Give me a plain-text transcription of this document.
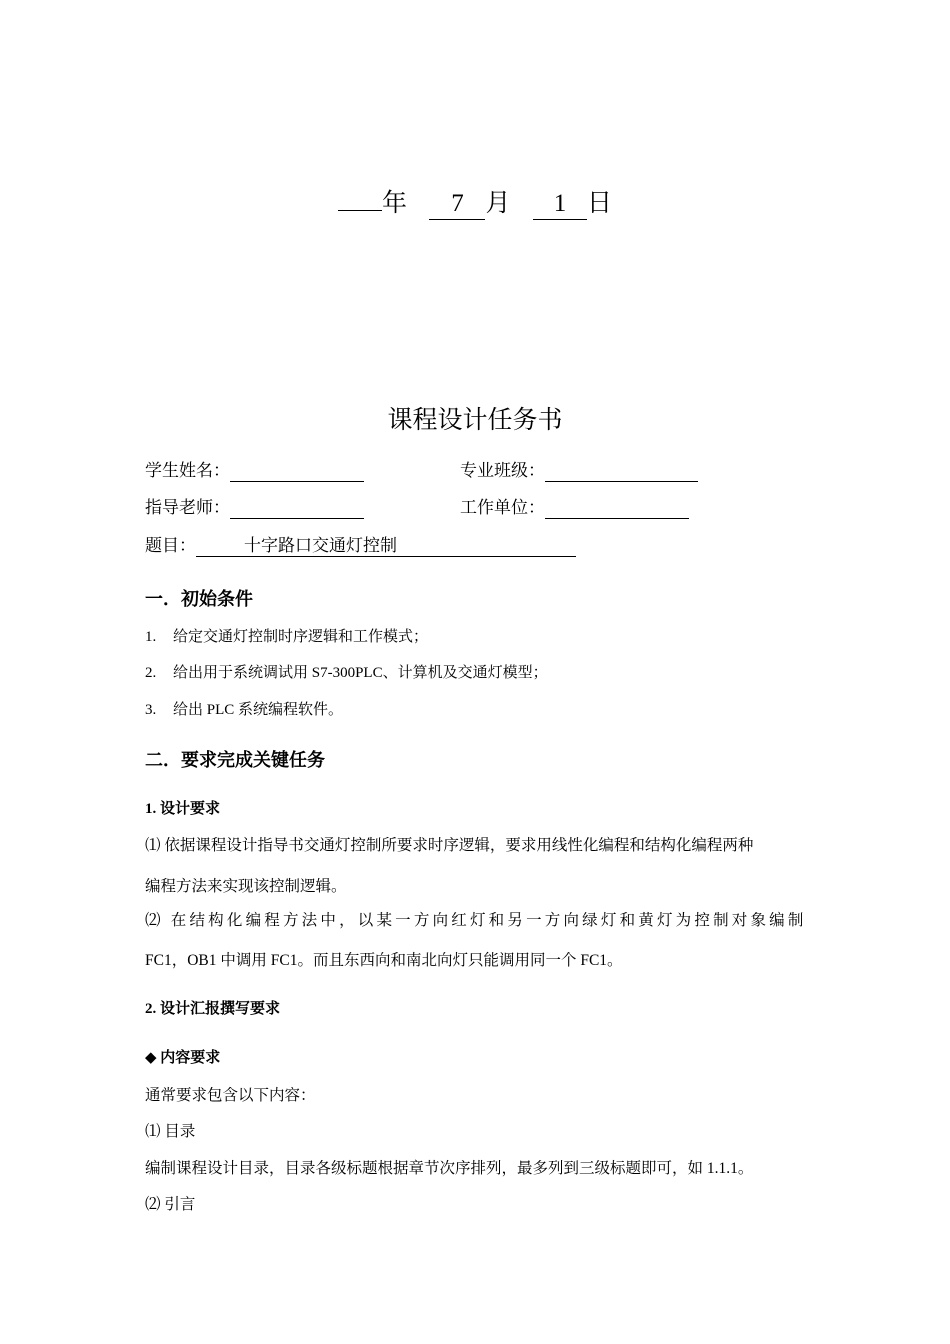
年 7 月 1 日
课程设计任务书
学生姓名：	专业班级：
指导老师：	工作单位：
题目：	十字路口交通灯控制
一．初始条件
1. 给定交通灯控制时序逻辑和工作模式；
2. 给出用于系统调试用 S7-300PLC、计算机及交通灯模型；
3. 给出 PLC 系统编程软件。
二．要求完成关键任务
1. 设计要求
⑴ 依据课程设计指导书交通灯控制所要求时序逻辑，要求用线性化编程和结构化编程两种
编程方法来实现该控制逻辑。
⑵ 在结构化编程方法中，以某一方向红灯和另一方向绿灯和黄灯为控制对象编制
FC1，OB1 中调用 FC1。而且东西向和南北向灯只能调用同一个 FC1。
2. 设计汇报撰写要求
◆ 内容要求
通常要求包含以下内容：
⑴ 目录
编制课程设计目录，目录各级标题根据章节次序排列，最多列到三级标题即可，如 1.1.1。
⑵ 引言
